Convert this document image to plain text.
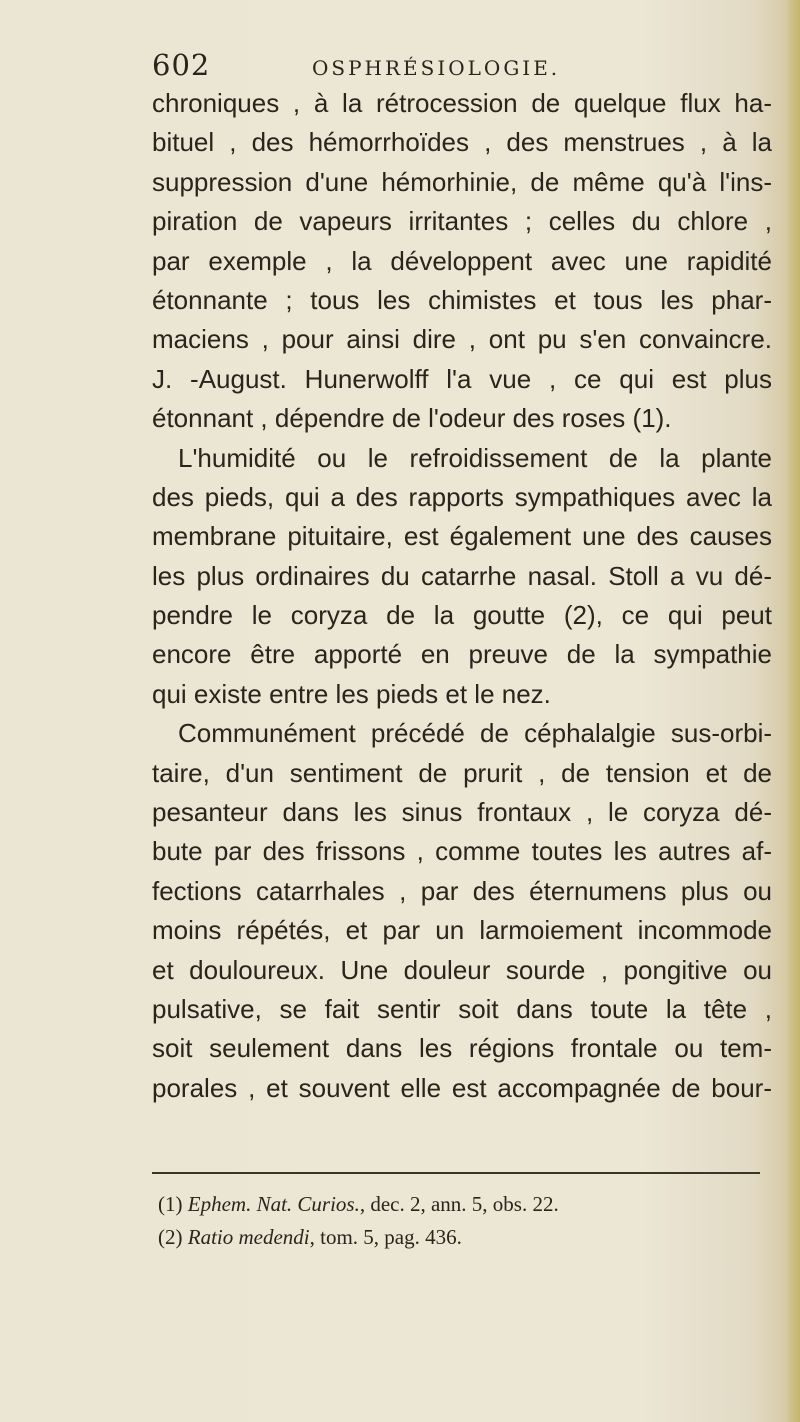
602	OSPHRÉSIOLOGIE.
chroniques , à la rétrocession de quelque flux ha-
bituel , des hémorrhoïdes , des menstrues , à la
suppression d'une hémorhinie, de même qu'à l'ins-
piration de vapeurs irritantes ; celles du chlore ,
par exemple , la développent avec une rapidité
étonnante ; tous les chimistes et tous les phar-
maciens , pour ainsi dire , ont pu s'en convaincre.
J. -August. Hunerwolff l'a vue , ce qui est plus
étonnant , dépendre de l'odeur des roses (1).
L'humidité ou le refroidissement de la plante
des pieds, qui a des rapports sympathiques avec la
membrane pituitaire, est également une des causes
les plus ordinaires du catarrhe nasal. Stoll a vu dé-
pendre le coryza de la goutte (2), ce qui peut
encore être apporté en preuve de la sympathie
qui existe entre les pieds et le nez.
Communément précédé de céphalalgie sus-orbi-
taire, d'un sentiment de prurit , de tension et de
pesanteur dans les sinus frontaux , le coryza dé-
bute par des frissons , comme toutes les autres af-
fections catarrhales , par des éternumens plus ou
moins répétés, et par un larmoiement incommode
et douloureux. Une douleur sourde , pongitive ou
pulsative, se fait sentir soit dans toute la tête ,
soit seulement dans les régions frontale ou tem-
porales , et souvent elle est accompagnée de bour-
(1) Ephem. Nat. Curios., dec. 2, ann. 5, obs. 22.
(2) Ratio medendi, tom. 5, pag. 436.
